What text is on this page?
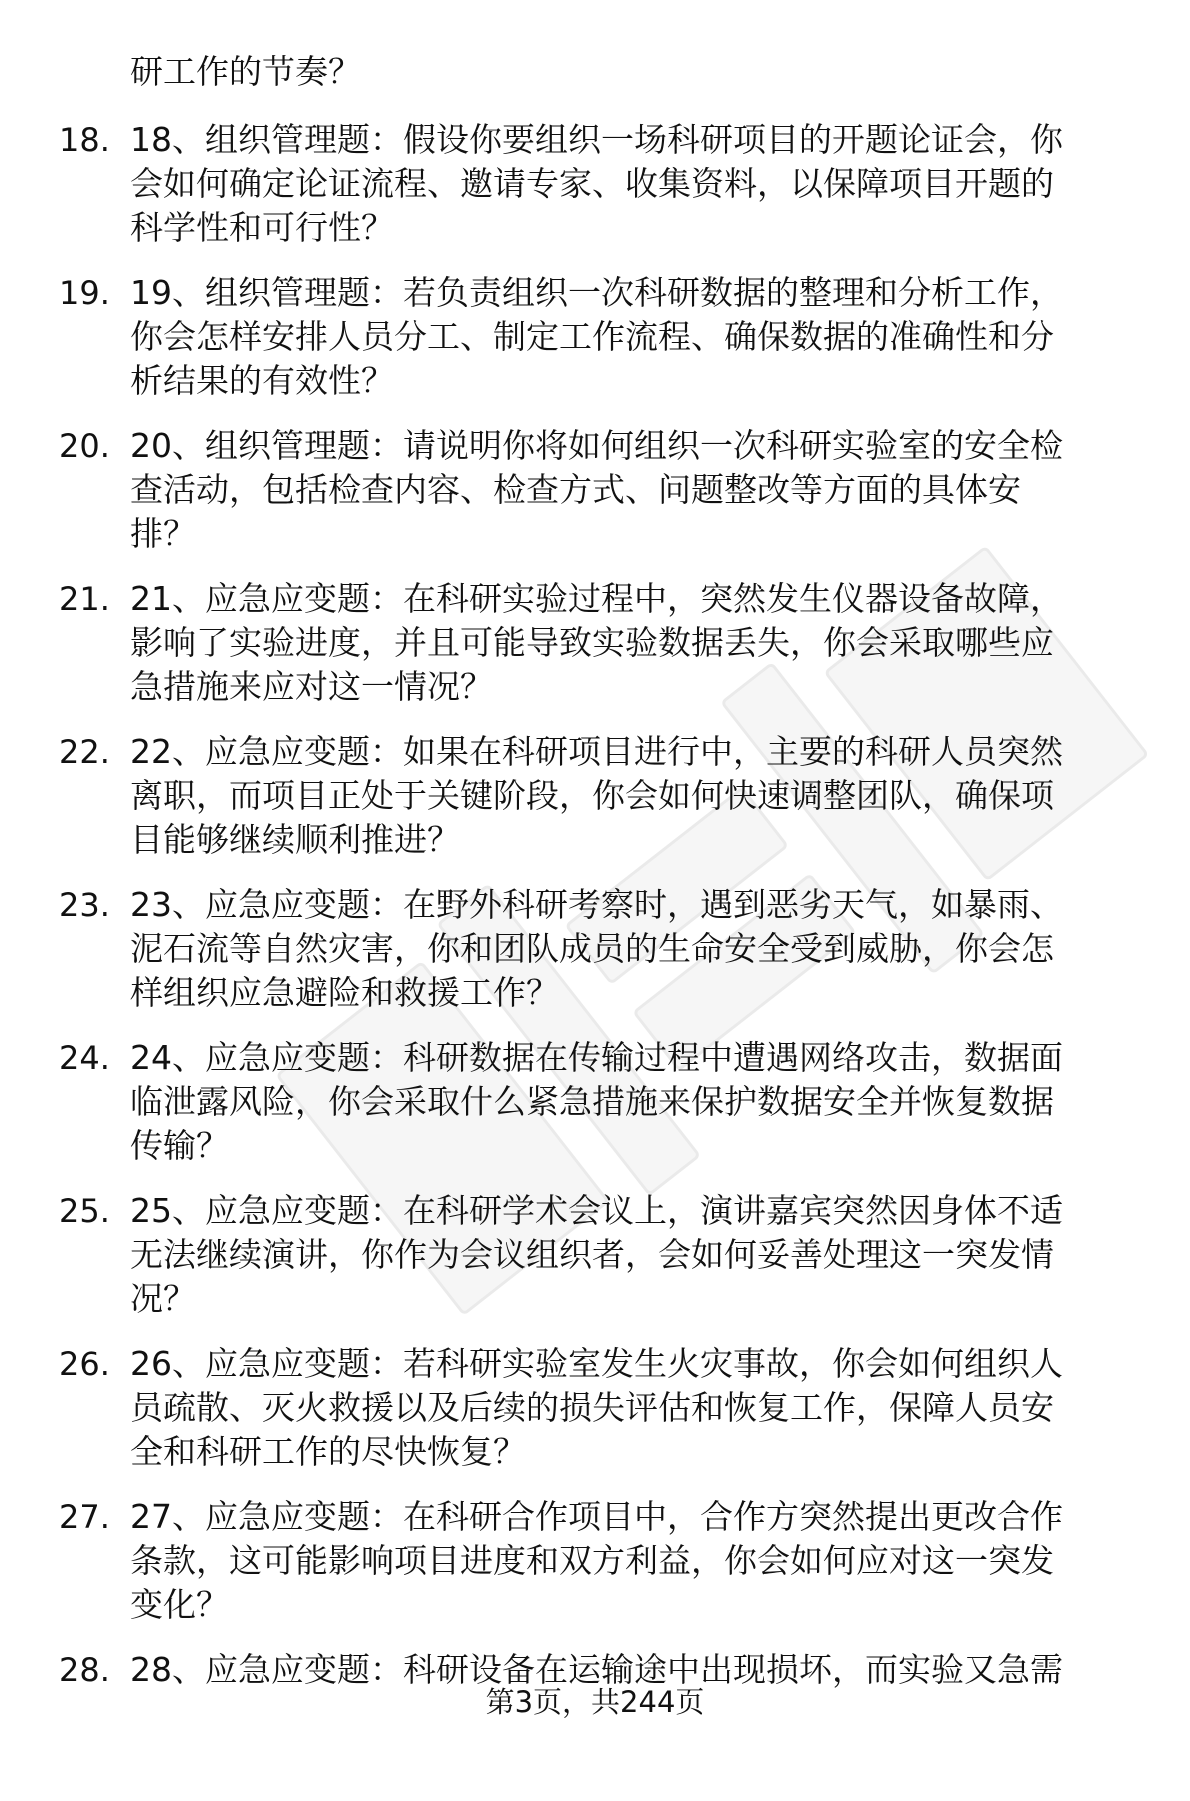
研工作的节奏？
18. 18、组织管理题：假设你要组织一场科研项目的开题论证会，你
会如何确定论证流程、邀请专家、收集资料，以保障项目开题的
科学性和可行性？
19. 19、组织管理题：若负责组织一次科研数据的整理和分析工作，
你会怎样安排人员分工、制定工作流程、确保数据的准确性和分
析结果的有效性？
20. 20、组织管理题：请说明你将如何组织一次科研实验室的安全检
查活动，包括检查内容、检查方式、问题整改等方面的具体安
排？
21. 21、应急应变题：在科研实验过程中，突然发生仪器设备故障，
影响了实验进度，并且可能导致实验数据丢失，你会采取哪些应
急措施来应对这一情况？
22. 22、应急应变题：如果在科研项目进行中，主要的科研人员突然
离职，而项目正处于关键阶段，你会如何快速调整团队，确保项
目能够继续顺利推进？
23. 23、应急应变题：在野外科研考察时，遇到恶劣天气，如暴雨、
泥石流等自然灾害，你和团队成员的生命安全受到威胁，你会怎
样组织应急避险和救援工作？
24. 24、应急应变题：科研数据在传输过程中遭遇网络攻击，数据面
临泄露风险，你会采取什么紧急措施来保护数据安全并恢复数据
传输？
25. 25、应急应变题：在科研学术会议上，演讲嘉宾突然因身体不适
无法继续演讲，你作为会议组织者，会如何妥善处理这一突发情
况？
26. 26、应急应变题：若科研实验室发生火灾事故，你会如何组织人
员疏散、灭火救援以及后续的损失评估和恢复工作，保障人员安
全和科研工作的尽快恢复？
27. 27、应急应变题：在科研合作项目中，合作方突然提出更改合作
条款，这可能影响项目进度和双方利益，你会如何应对这一突发
变化？
28. 28、应急应变题：科研设备在运输途中出现损坏，而实验又急需
第3页，共244页
